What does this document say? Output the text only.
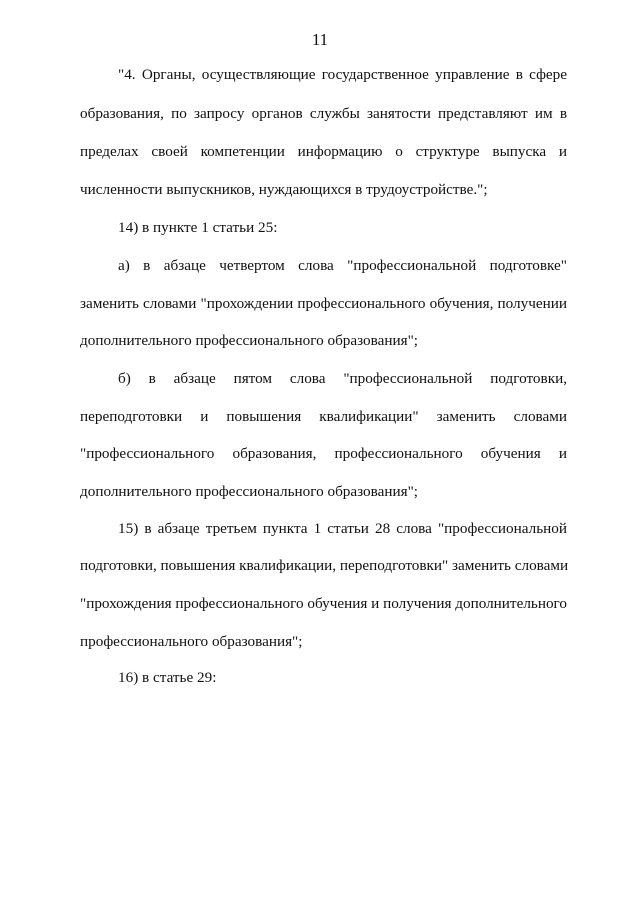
11
"4. Органы, осуществляющие государственное управление в сфере
образования, по запросу органов службы занятости представляют им в
пределах своей компетенции информацию о структуре выпуска и
численности выпускников, нуждающихся в трудоустройстве.";
14) в пункте 1 статьи 25:
а) в абзаце четвертом слова "профессиональной подготовке"
заменить словами "прохождении профессионального обучения, получении
дополнительного профессионального образования";
б) в абзаце пятом слова "профессиональной подготовки,
переподготовки и повышения квалификации" заменить словами
"профессионального образования, профессионального обучения и
дополнительного профессионального образования";
15) в абзаце третьем пункта 1 статьи 28 слова "профессиональной
подготовки, повышения квалификации, переподготовки" заменить словами
"прохождения профессионального обучения и получения дополнительного
профессионального образования";
16) в статье 29:
